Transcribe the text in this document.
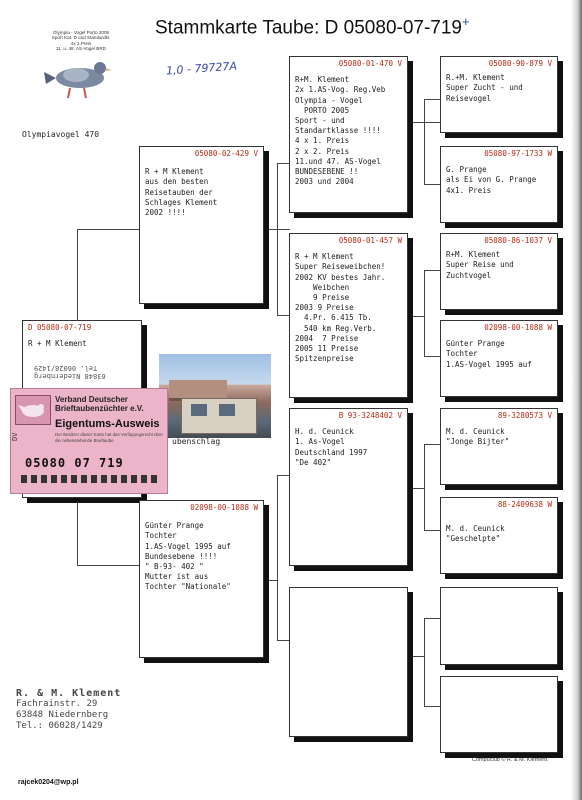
Stammkarte Taube: D 05080-07-719+
Olympia - Vogel Porto 2005
Sport Kat. D und Standardkl.
4x 1.Preis
11. u. 48. AS-Vogel BRD
1,0 - 79727A
Olympiavogel 470
D 05080-07-719
R + M Klement
05080-02-429 V
R + M Klement
aus den besten
Reisetauben der
Schlages Klement
2002 !!!!
02098-00-1088 W
Günter Prange
Tochter
1.AS-Vogel 1995 auf
Bundesebene !!!!
" B-93- 402 "
Mutter ist aus
Tochter "Nationale"
05080-01-470 V
R+M. Klement
2x 1.AS-Vog. Reg.Veb
Olympia - Vogel
PORTO 2005
Sport - und
Standartklasse !!!!
4 x 1. Preis
2 x 2. Preis
11.und 47. AS-Vogel
BUNDESEBENE !!
2003 und 2004
05080-01-457 W
R + M Klement
Super Reiseweibchen!
2002 KV bestes Jahr.
Weibchen
9 Preise
2003 9 Preise
4.Pr. 6.415 Tb.
540 km Reg.Verb.
2004  7 Preise
2005 11 Preise
Spitzenpreise
B 93-3248402 V
H. d. Ceunick
1. As-Vogel
Deutschland 1997
"De 402"
05080-90-879 V
R.+M. Klement
Super Zucht - und
Reisevogel
05080-97-1733 W
G. Prange
als Ei von G. Prange
4x1. Preis
05080-86-1037 V
R+M. Klement
Super Reise und
Zuchtvogel
02098-00-1088 W
Günter Prange
Tochter
1.AS-Vogel 1995 auf
89-3280573 V
M. d. Ceunick
"Jonge Bijter"
88-2409638 W
M. d. Ceunick
"Geschelpte"
ubenschlag
Tel. 06028/1429
63848 Niedernberg
Verband Deutscher
Brieftaubenzüchter e.V.
Eigentums-Ausweis
Der Besitzer dieser Karte hat das Verfügungsrecht über die nebenstehende Brieftaube
DV
05080 07 719
R. & M. Klement
Fachrainstr. 29
63848 Niedernberg
Tel.: 06028/1429
Compuclub © R. & M. Klement.
rajcek0204@wp.pl
